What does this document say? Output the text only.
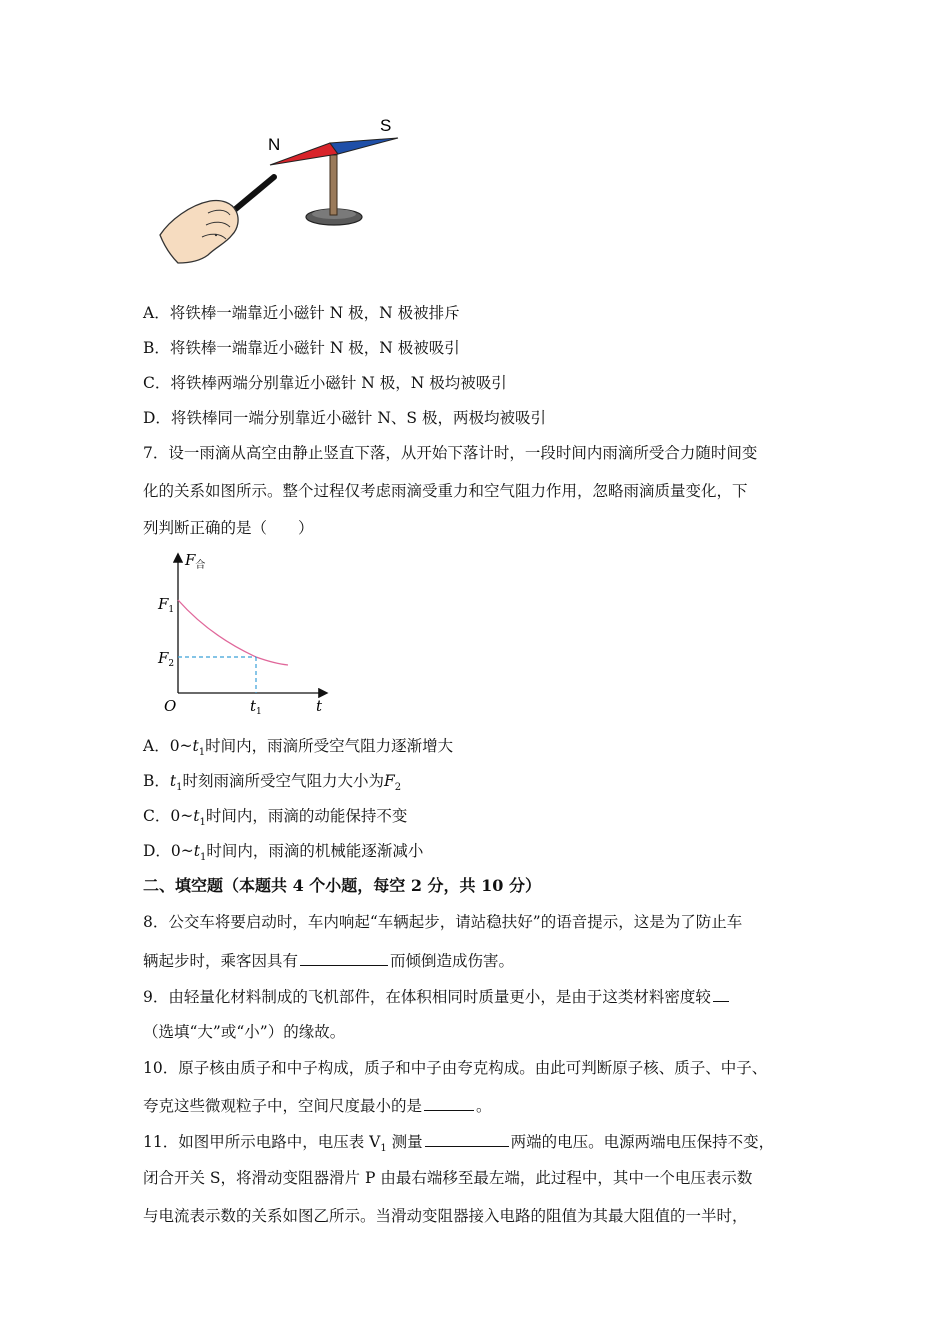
N
S
A．将铁棒一端靠近小磁针 N 极，N 极被排斥
B．将铁棒一端靠近小磁针 N 极，N 极被吸引
C．将铁棒两端分别靠近小磁针 N 极，N 极均被吸引
D．将铁棒同一端分别靠近小磁针 N、S 极，两极均被吸引
7．设一雨滴从高空由静止竖直下落，从开始下落计时，一段时间内雨滴所受合力随时间变
化的关系如图所示。整个过程仅考虑雨滴受重力和空气阻力作用，忽略雨滴质量变化，下
列判断正确的是（　　）
$F_合$
$F_1$
$F_2$
O	$t_1$	t
A．$0\sim t_1$时间内，雨滴所受空气阻力逐渐增大
B．$t_1$时刻雨滴所受空气阻力大小为$F_2$
C．$0\sim t_1$时间内，雨滴的动能保持不变
D．$0\sim t_1$时间内，雨滴的机械能逐渐减小
二、填空题（本题共 4 个小题，每空 2 分，共 10 分）
8．公交车将要启动时，车内响起“车辆起步，请站稳扶好”的语音提示，这是为了防止车
辆起步时，乘客因具有	而倾倒造成伤害。
9．由轻量化材料制成的飞机部件，在体积相同时质量更小，是由于这类材料密度较
（选填“大”或“小”）的缘故。
10．原子核由质子和中子构成，质子和中子由夸克构成。由此可判断原子核、质子、中子、
夸克这些微观粒子中，空间尺度最小的是	。
11．如图甲所示电路中，电压表 $V_1$ 测量	两端的电压。电源两端电压保持不变，
闭合开关 S，将滑动变阻器滑片 P 由最右端移至最左端，此过程中，其中一个电压表示数
与电流表示数的关系如图乙所示。当滑动变阻器接入电路的阻值为其最大阻值的一半时，
